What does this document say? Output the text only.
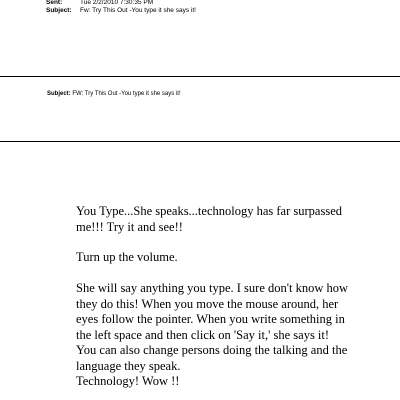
Sent:	Tue 2/2/2010 7:30:35 PM
Subject: Fw: Try This Out -You type it she says it!
Subject: FW: Try This Out -You type it she says it!

You Type...She speaks...technology has far surpassed

me!!! Try it and see!!

Turn up the volume.

She will say anything you type. I sure don't know how

they do this! When you move the mouse around, her

eyes follow the pointer. When you write something in

the left space and then click on 'Say it,' she says it!

You can also change persons doing the talking and the

language they speak.

Technology! Wow !!
